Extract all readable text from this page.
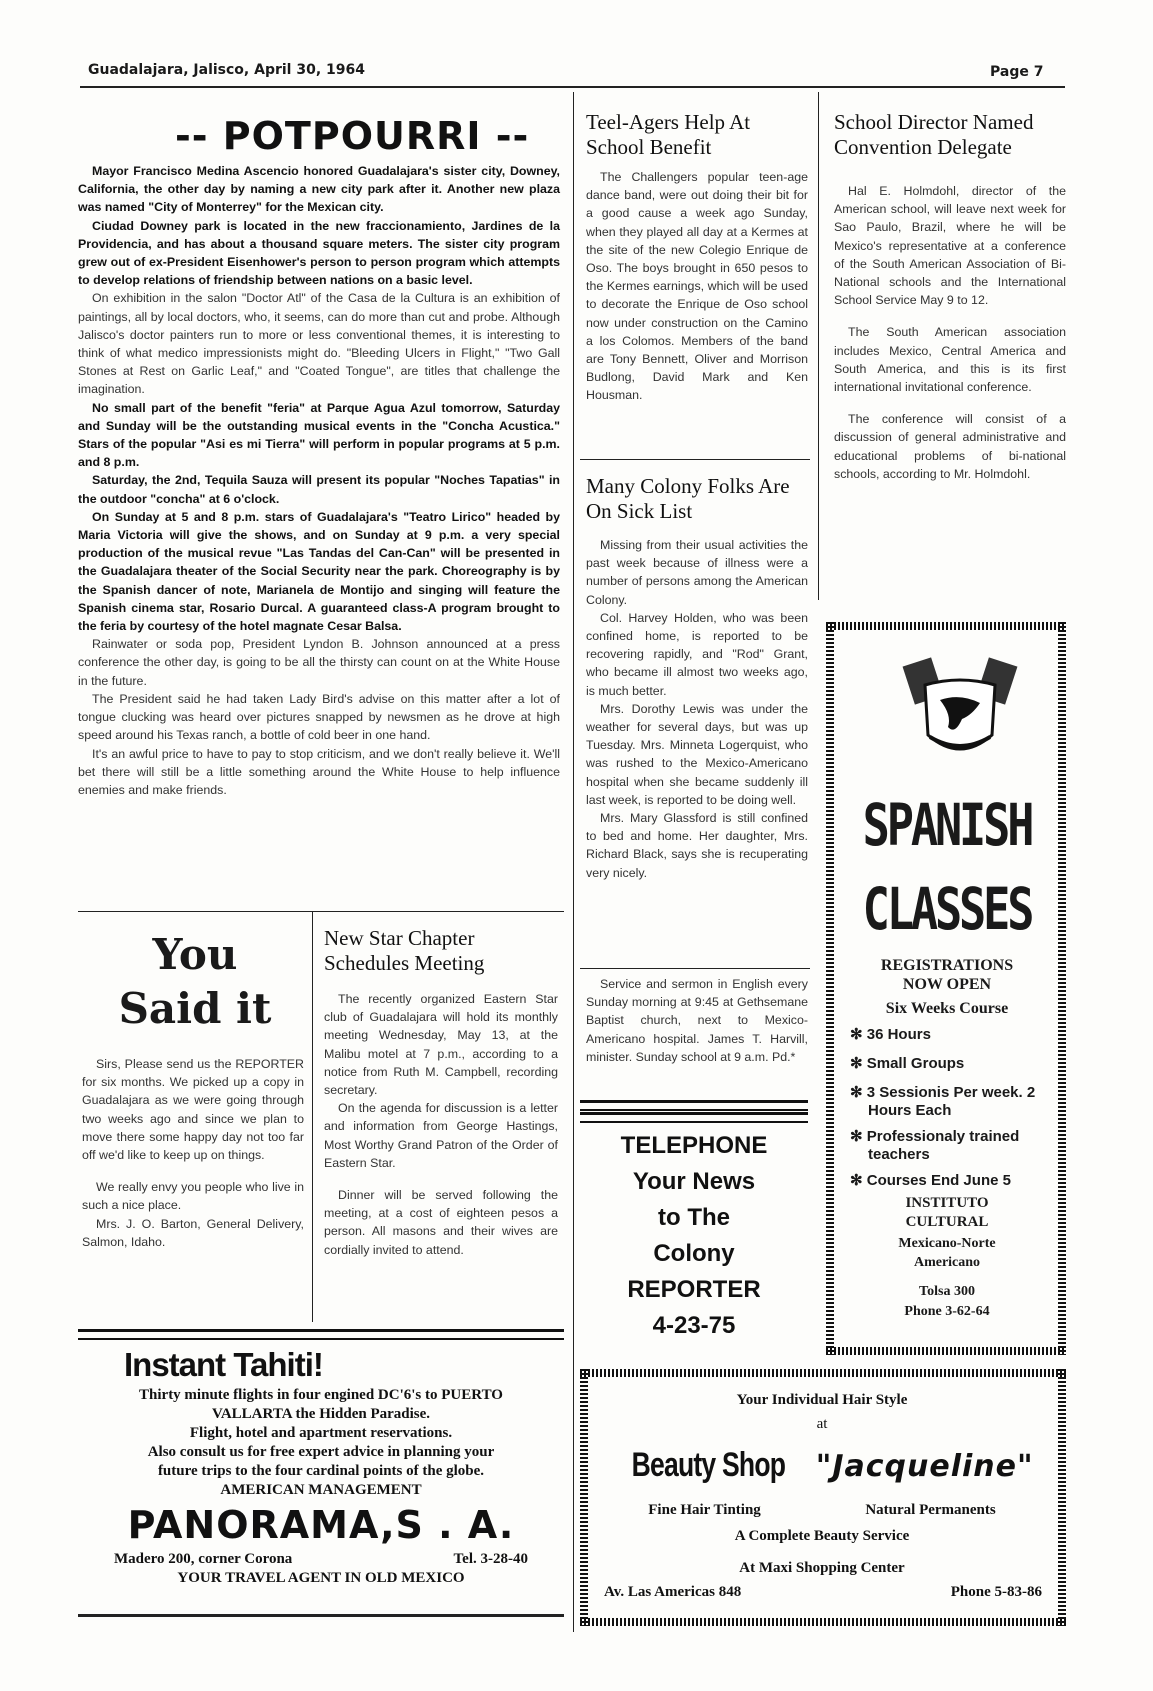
Guadalajara, Jalisco, April 30, 1964	Page 7
-- POTPOURRI --

Mayor Francisco Medina Ascencio honored Guadalajara's sister city, Downey, California, the other day by naming a new city park after it. Another new plaza was named "City of Monterrey" for the Mexican city.

Ciudad Downey park is located in the new fraccionamiento, Jardines de la Providencia, and has about a thousand square meters. The sister city program grew out of ex-President Eisenhower's person to person program which attempts to develop relations of friendship between nations on a basic level.

On exhibition in the salon "Doctor Atl" of the Casa de la Cultura is an exhibition of paintings, all by local doctors, who, it seems, can do more than cut and probe. Although Jalisco's doctor painters run to more or less conventional themes, it is interesting to think of what medico impressionists might do. "Bleeding Ulcers in Flight," "Two Gall Stones at Rest on Garlic Leaf," and "Coated Tongue", are titles that challenge the imagination.

No small part of the benefit "feria" at Parque Agua Azul tomorrow, Saturday and Sunday will be the outstanding musical events in the "Concha Acustica." Stars of the popular "Asi es mi Tierra" will perform in popular programs at 5 p.m. and 8 p.m.

Saturday, the 2nd, Tequila Sauza will present its popular "Noches Tapatias" in the outdoor "concha" at 6 o'clock.

On Sunday at 5 and 8 p.m. stars of Guadalajara's "Teatro Lirico" headed by Maria Victoria will give the shows, and on Sunday at 9 p.m. a very special production of the musical revue "Las Tandas del Can-Can" will be presented in the Guadalajara theater of the Social Security near the park. Choreography is by the Spanish dancer of note, Marianela de Montijo and singing will feature the Spanish cinema star, Rosario Durcal. A guaranteed class-A program brought to the feria by courtesy of the hotel magnate Cesar Balsa.

Rainwater or soda pop, President Lyndon B. Johnson announced at a press conference the other day, is going to be all the thirsty can count on at the White House in the future.

The President said he had taken Lady Bird's advise on this matter after a lot of tongue clucking was heard over pictures snapped by newsmen as he drove at high speed around his Texas ranch, a bottle of cold beer in one hand.

It's an awful price to have to pay to stop criticism, and we don't really believe it. We'll bet there will still be a little something around the White House to help influence enemies and make friends.

Teel-Agers Help At School Benefit

The Challengers popular teen-age dance band, were out doing their bit for a good cause a week ago Sunday, when they played all day at a Kermes at the site of the new Colegio Enrique de Oso. The boys brought in 650 pesos to the Kermes earnings, which will be used to decorate the Enrique de Oso school now under construction on the Camino a los Colomos. Members of the band are Tony Bennett, Oliver and Morrison Budlong, David Mark and Ken Housman.

Many Colony Folks Are On Sick List

Missing from their usual activities the past week because of illness were a number of persons among the American Colony.

Col. Harvey Holden, who was been confined home, is reported to be recovering rapidly, and "Rod" Grant, who became ill almost two weeks ago, is much better.

Mrs. Dorothy Lewis was under the weather for several days, but was up Tuesday. Mrs. Minneta Logerquist, who was rushed to the Mexico-Americano hospital when she became suddenly ill last week, is reported to be doing well.

Mrs. Mary Glassford is still confined to bed and home. Her daughter, Mrs. Richard Black, says she is recuperating very nicely.

Service and sermon in English every Sunday morning at 9:45 at Gethsemane Baptist church, next to Mexico-Americano hospital. James T. Harvill, minister. Sunday school at 9 a.m. Pd.*

TELEPHONE
Your News
to The
Colony
REPORTER
4-23-75
School Director Named Convention Delegate

Hal E. Holmdohl, director of the American school, will leave next week for Sao Paulo, Brazil, where he will be Mexico's representative at a conference of the South American Association of Bi-National schools and the International School Service May 9 to 12.

The South American association includes Mexico, Central America and South America, and this is its first international invitational conference.

The conference will consist of a discussion of general administrative and educational problems of bi-national schools, according to Mr. Holmdohl.

SPANISH
CLASSES
REGISTRATIONS NOW OPEN
Six Weeks Course
✻ 36 Hours
✻ Small Groups
✻ 3 Sessionis Per week. 2 Hours Each
✻ Professionaly trained teachers
✻ Courses End June 5
INSTITUTO CULTURAL
Mexicano-Norte Americano
Tolsa 300
Phone 3-62-64
You
Said it

Sirs, Please send us the REPORTER for six months. We picked up a copy in Guadalajara as we were going through two weeks ago and since we plan to move there some happy day not too far off we'd like to keep up on things.

We really envy you people who live in such a nice place.

Mrs. J. O. Barton, General Delivery, Salmon, Idaho.

New Star Chapter Schedules Meeting

The recently organized Eastern Star club of Guadalajara will hold its monthly meeting Wednesday, May 13, at the Malibu motel at 7 p.m., according to a notice from Ruth M. Campbell, recording secretary.

On the agenda for discussion is a letter and information from George Hastings, Most Worthy Grand Patron of the Order of Eastern Star.

Dinner will be served following the meeting, at a cost of eighteen pesos a person. All masons and their wives are cordially invited to attend.

Instant Tahiti!
Thirty minute flights in four engined DC'6's to PUERTO VALLARTA the Hidden Paradise.
Flight, hotel and apartment reservations.
Also consult us for free expert advice in planning your future trips to the four cardinal points of the globe.
AMERICAN MANAGEMENT
PANORAMA,S . A.
Madero 200, corner Corona	Tel. 3-28-40
YOUR TRAVEL AGENT IN OLD MEXICO
Your Individual Hair Style
at
Beauty Shop "Jacqueline"
Fine Hair Tinting	Natural Permanents
A Complete Beauty Service
At Maxi Shopping Center
Av. Las Americas 848	Phone 5-83-86
